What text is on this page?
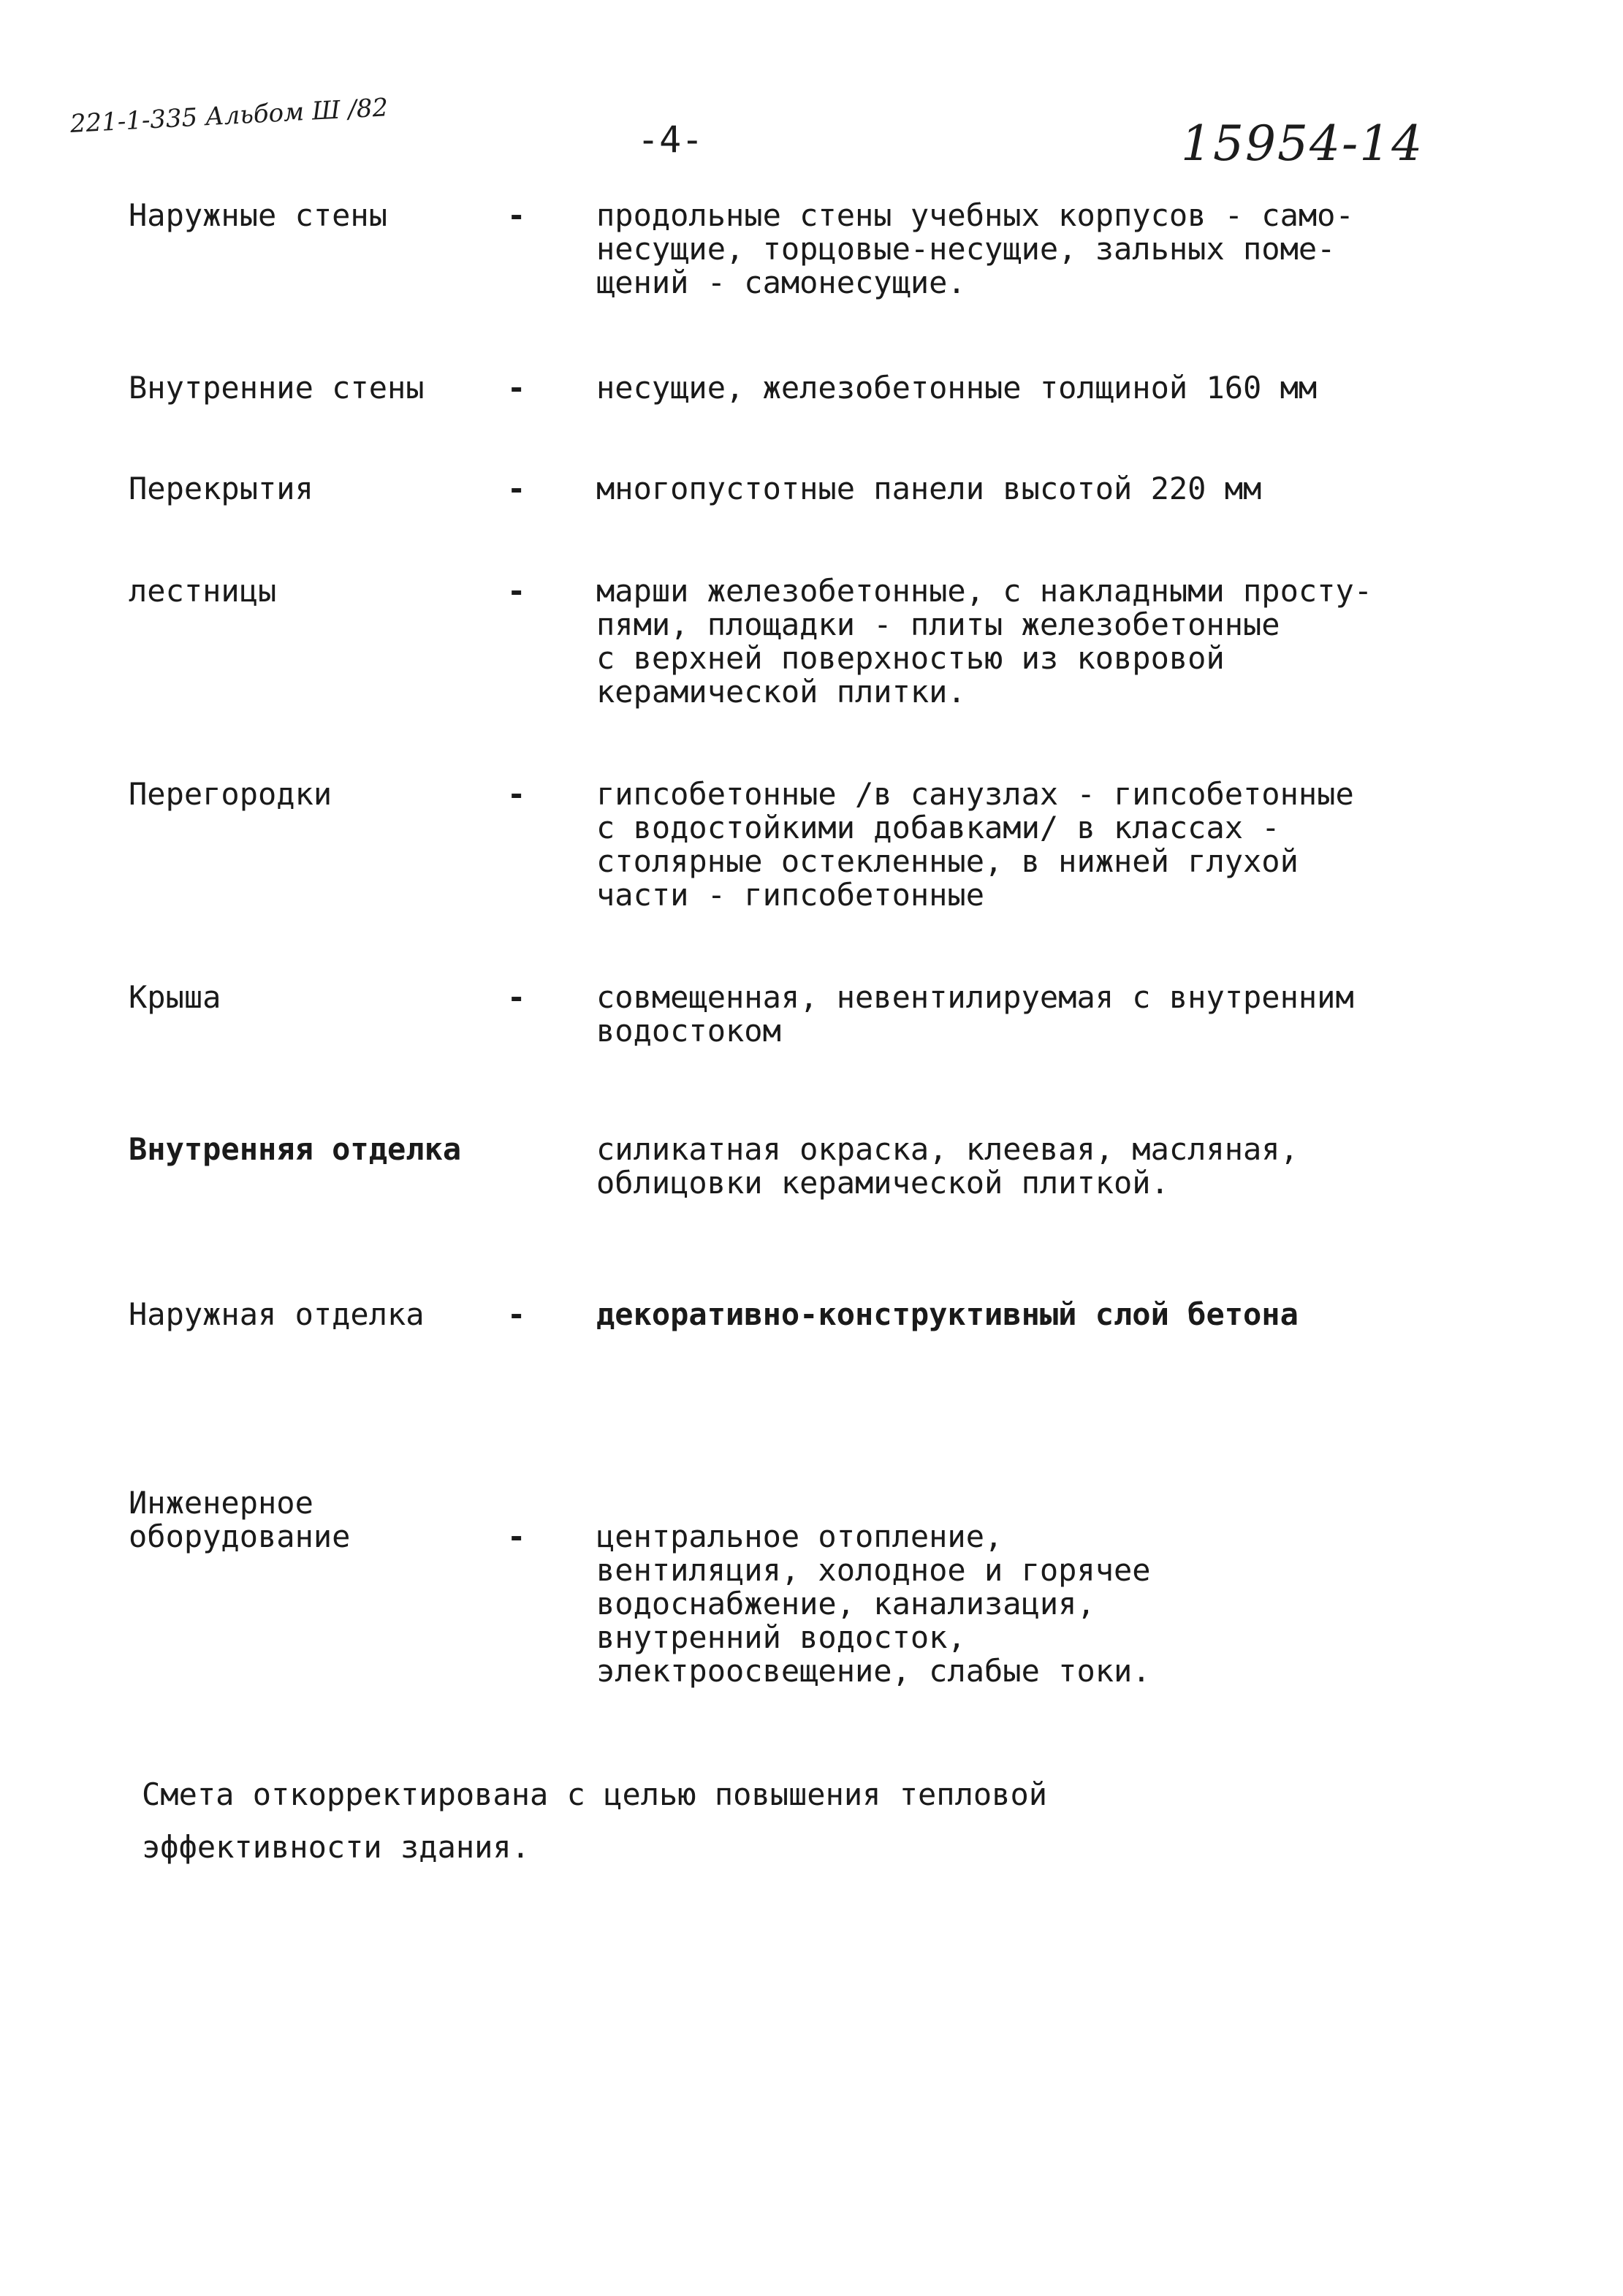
221-1-335 Альбом Ш /82
-4-	15954-14
Наружные стены	- продольные стены учебных корпусов - само-
несущие, торцовые-несущие, зальных поме-
щений - самонесущие.
Внутренние стены	- несущие, железобетонные толщиной 160 мм
Перекрытия	- многопустотные панели высотой 220 мм
лестницы	- марши железобетонные, с накладными просту-
пями, площадки - плиты железобетонные
с верхней поверхностью из ковровой
керамической плитки.
Перегородки	- гипсобетонные /в санузлах - гипсобетонные
с водостойкими добавками/ в классах -
столярные остекленные, в нижней глухой
части - гипсобетонные
Крыша	- совмещенная, невентилируемая с внутренним
водостоком
Внутренняя отделка	силикатная окраска, клеевая, масляная,
облицовки керамической плиткой.
Наружная отделка	- декоративно-конструктивный слой бетона
Инженерное
оборудование	- центральное отопление,
вентиляция, холодное и горячее
водоснабжение, канализация,
внутренний водосток,
электроосвещение, слабые токи.
Смета откорректирована с целью повышения тепловой
эффективности здания.
